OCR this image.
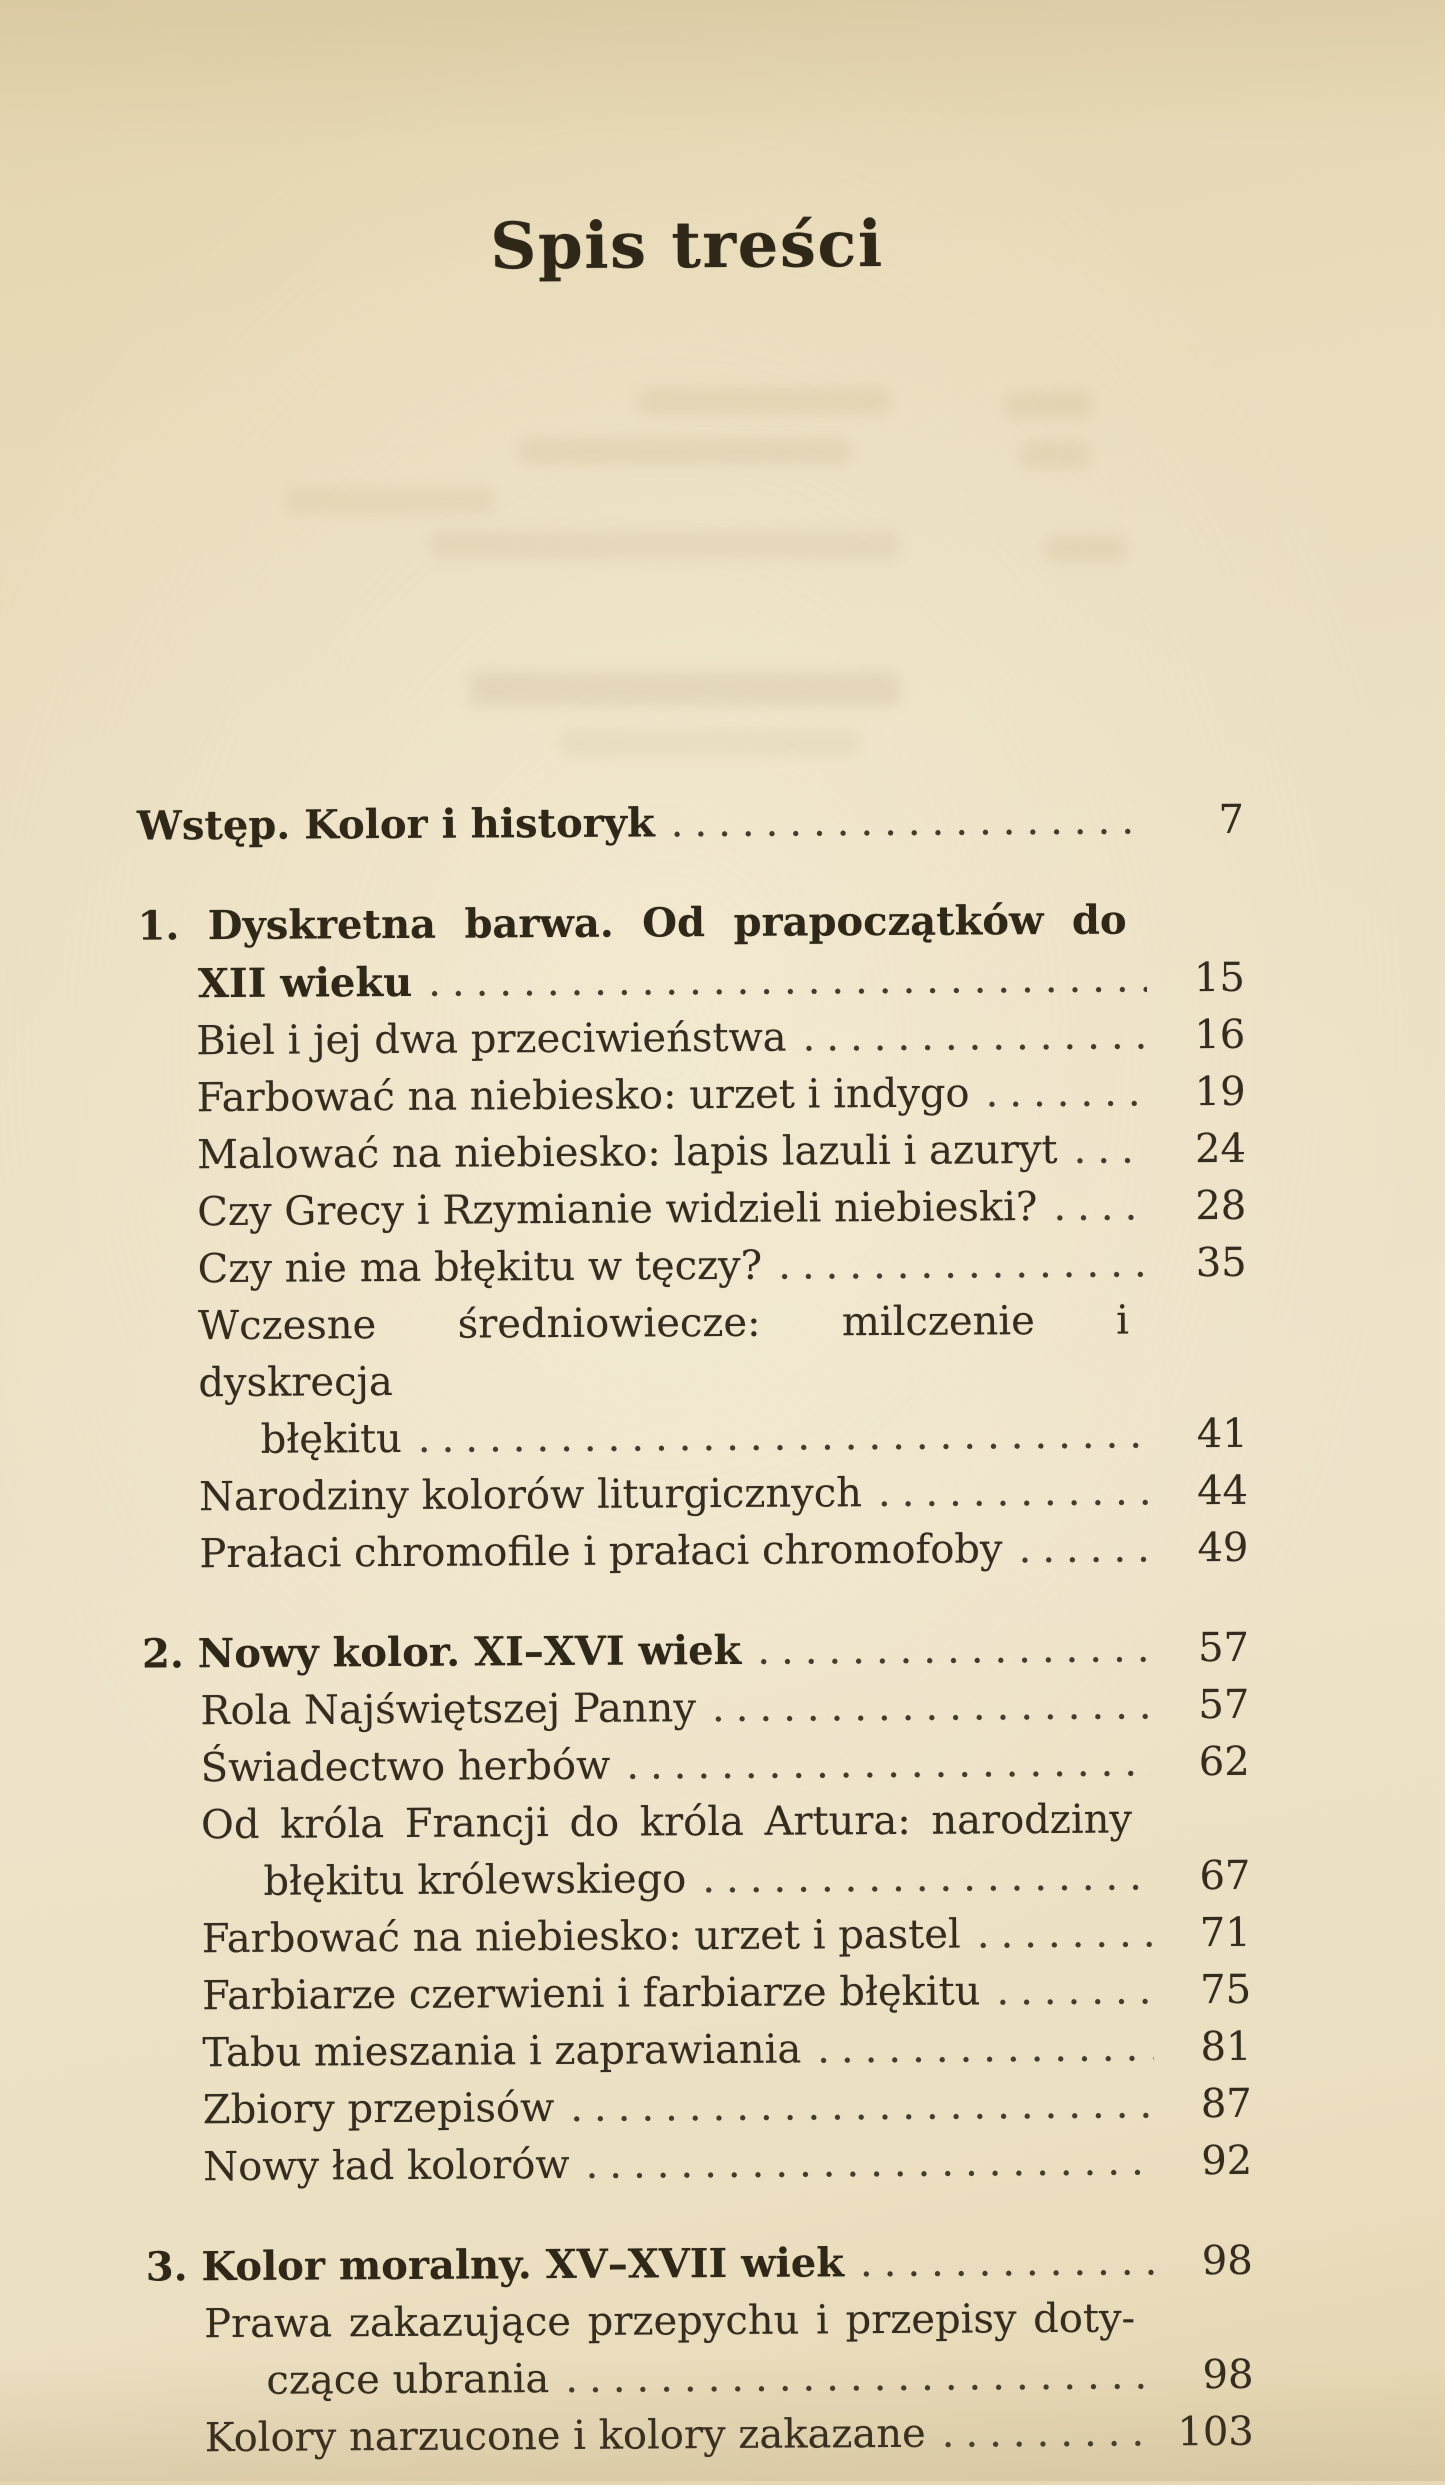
Spis treści
Wstęp. Kolor i historyk .....	7
1. Dyskretna barwa. Od prapoczątków do
XII wieku .....	15
Biel i jej dwa przeciwieństwa .....	16
Farbować na niebiesko: urzet i indygo .....	19
Malować na niebiesko: lapis lazuli i azuryt .....	24
Czy Grecy i Rzymianie widzieli niebieski? .....	28
Czy nie ma błękitu w tęczy? .....	35
Wczesne średniowiecze: milczenie i dyskrecja
błękitu .....	41
Narodziny kolorów liturgicznych .....	44
Prałaci chromofile i prałaci chromofoby .....	49
2. Nowy kolor. XI–XVI wiek .....	57
Rola Najświętszej Panny .....	57
Świadectwo herbów .....	62
Od króla Francji do króla Artura: narodziny
błękitu królewskiego .....	67
Farbować na niebiesko: urzet i pastel .....	71
Farbiarze czerwieni i farbiarze błękitu .....	75
Tabu mieszania i zaprawiania .....	81
Zbiory przepisów .....	87
Nowy ład kolorów .....	92
3. Kolor moralny. XV–XVII wiek .....	98
Prawa zakazujące przepychu i przepisy doty-
czące ubrania .....	98
Kolory narzucone i kolory zakazane .....	103
